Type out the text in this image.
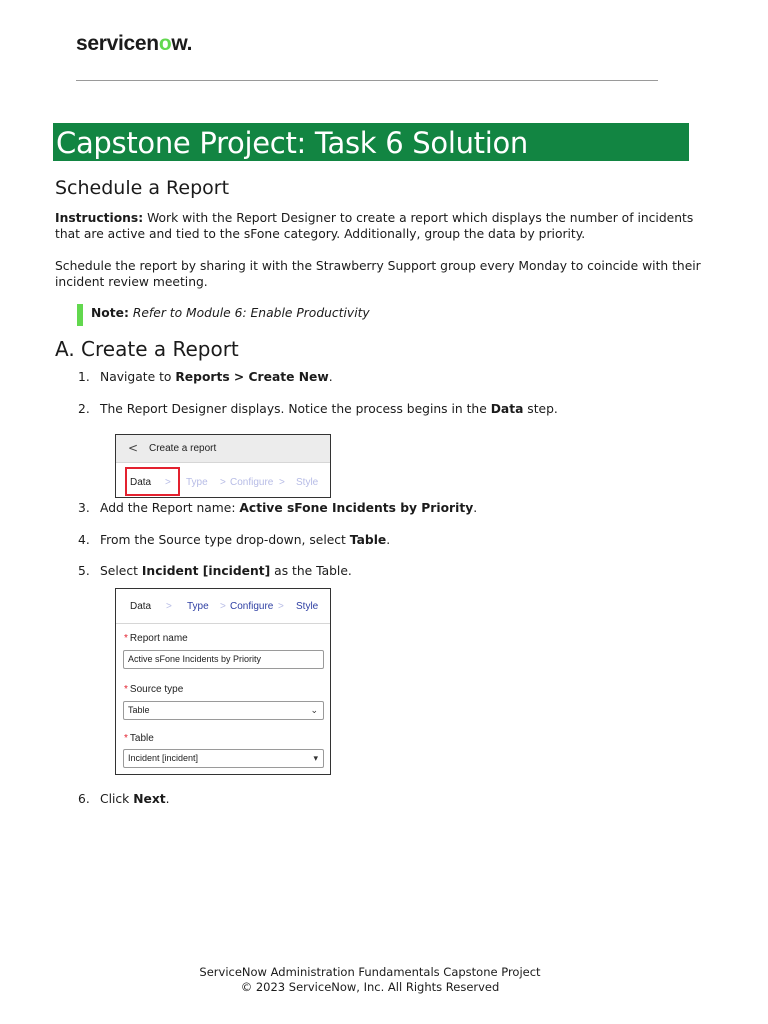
servicenow.
Capstone Project: Task 6 Solution
Schedule a Report
Instructions: Work with the Report Designer to create a report which displays the number of incidents
that are active and tied to the sFone category. Additionally, group the data by priority.
Schedule the report by sharing it with the Strawberry Support group every Monday to coincide with their
incident review meeting.
Note: Refer to Module 6: Enable Productivity
A. Create a Report
1. Navigate to Reports > Create New.
2. The Report Designer displays. Notice the process begins in the Data step.
< Create a report
Data > Type > Configure > Style
3. Add the Report name: Active sFone Incidents by Priority.
4. From the Source type drop-down, select Table.
5. Select Incident [incident] as the Table.
Data > Type > Configure > Style
* Report name
Active sFone Incidents by Priority
* Source type
Table	⌄
* Table
Incident [incident]	▾
6. Click Next.
ServiceNow Administration Fundamentals Capstone Project
© 2023 ServiceNow, Inc. All Rights Reserved
